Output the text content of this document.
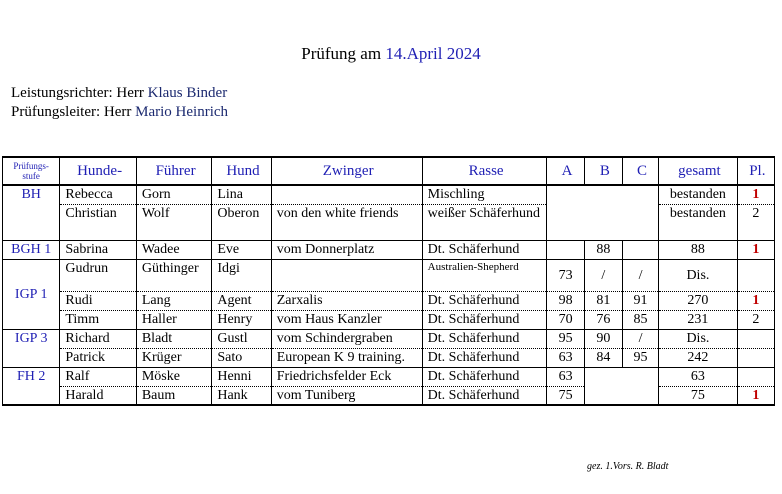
Prüfung am 14.April 2024
Leistungsrichter: Herr Klaus Binder
Prüfungsleiter: Herr Mario Heinrich
Prüfungs-
stufe	Hunde-	Führer	Hund	Zwinger	Rasse	A	B	C	gesamt	Pl.
BH	Rebecca	Gorn	Lina		Mischling				bestanden	1
	Christian	Wolf	Oberon	von den white friends	weißer Schäferhund				bestanden	2
BGH 1	Sabrina	Wadee	Eve	vom Donnerplatz	Dt. Schäferhund		88		88	1
IGP 1	Gudrun	Güthinger	Idgi		Australien-Shepherd	73	/	/	Dis.	
	Rudi	Lang	Agent	Zarxalis	Dt. Schäferhund	98	81	91	270	1
	Timm	Haller	Henry	vom Haus Kanzler	Dt. Schäferhund	70	76	85	231	2
IGP 3	Richard	Bladt	Gustl	vom Schindergraben	Dt. Schäferhund	95	90	/	Dis.	
	Patrick	Krüger	Sato	European K 9 training.	Dt. Schäferhund	63	84	95	242	
FH 2	Ralf	Möske	Henni	Friedrichsfelder Eck	Dt. Schäferhund	63			63	
	Harald	Baum	Hank	vom Tuniberg	Dt. Schäferhund	75			75	1
gez. 1.Vors. R. Bladt
